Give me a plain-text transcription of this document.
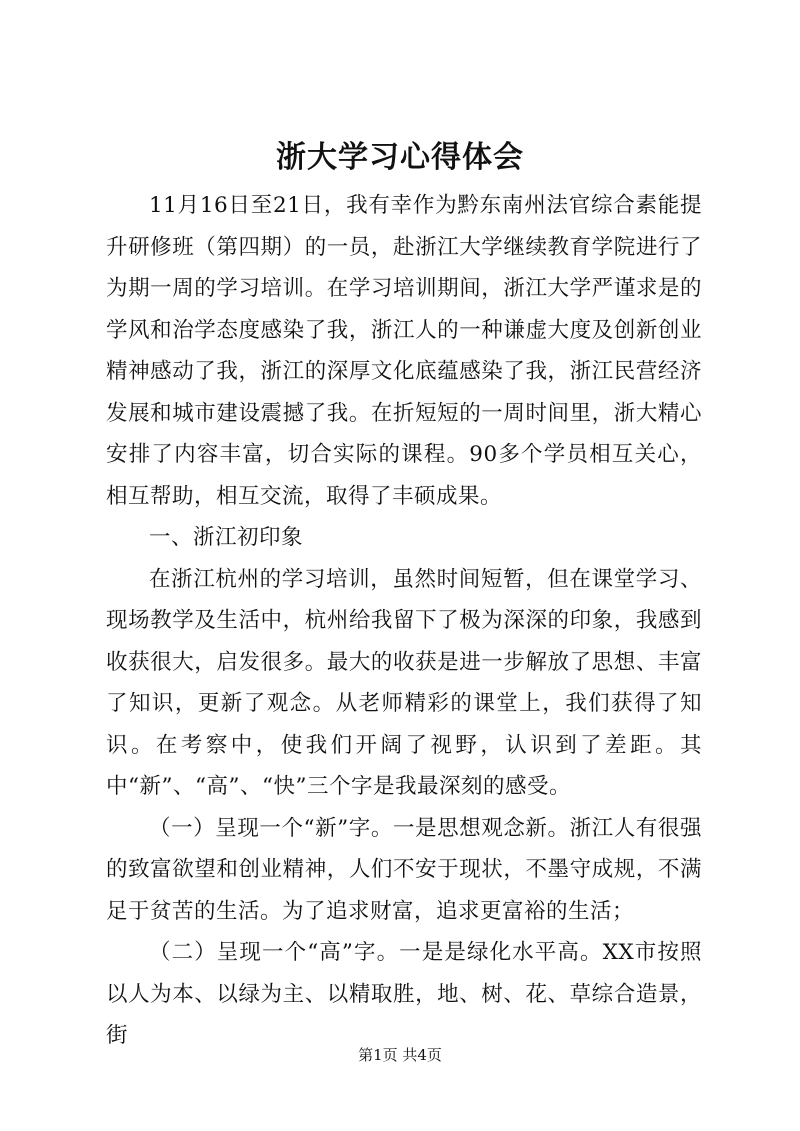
浙大学习心得体会

11月16日至21日，我有幸作为黔东南州法官综合素能提升研修班（第四期）的一员，赴浙江大学继续教育学院进行了为期一周的学习培训。在学习培训期间，浙江大学严谨求是的学风和治学态度感染了我，浙江人的一种谦虚大度及创新创业精神感动了我，浙江的深厚文化底蕴感染了我，浙江民营经济发展和城市建设震撼了我。在折短短的一周时间里，浙大精心安排了内容丰富，切合实际的课程。90多个学员相互关心，相互帮助，相互交流，取得了丰硕成果。

一、浙江初印象

在浙江杭州的学习培训，虽然时间短暂，但在课堂学习、现场教学及生活中，杭州给我留下了极为深深的印象，我感到收获很大，启发很多。最大的收获是进一步解放了思想、丰富了知识，更新了观念。从老师精彩的课堂上，我们获得了知识。在考察中，使我们开阔了视野，认识到了差距。其中“新”、“高”、“快”三个字是我最深刻的感受。

（一）呈现一个“新”字。一是思想观念新。浙江人有很强的致富欲望和创业精神，人们不安于现状，不墨守成规，不满足于贫苦的生活。为了追求财富，追求更富裕的生活；

（二）呈现一个“高”字。一是是绿化水平高。XX市按照以人为本、以绿为主、以精取胜，地、树、花、草综合造景，街

第1页 共4页
